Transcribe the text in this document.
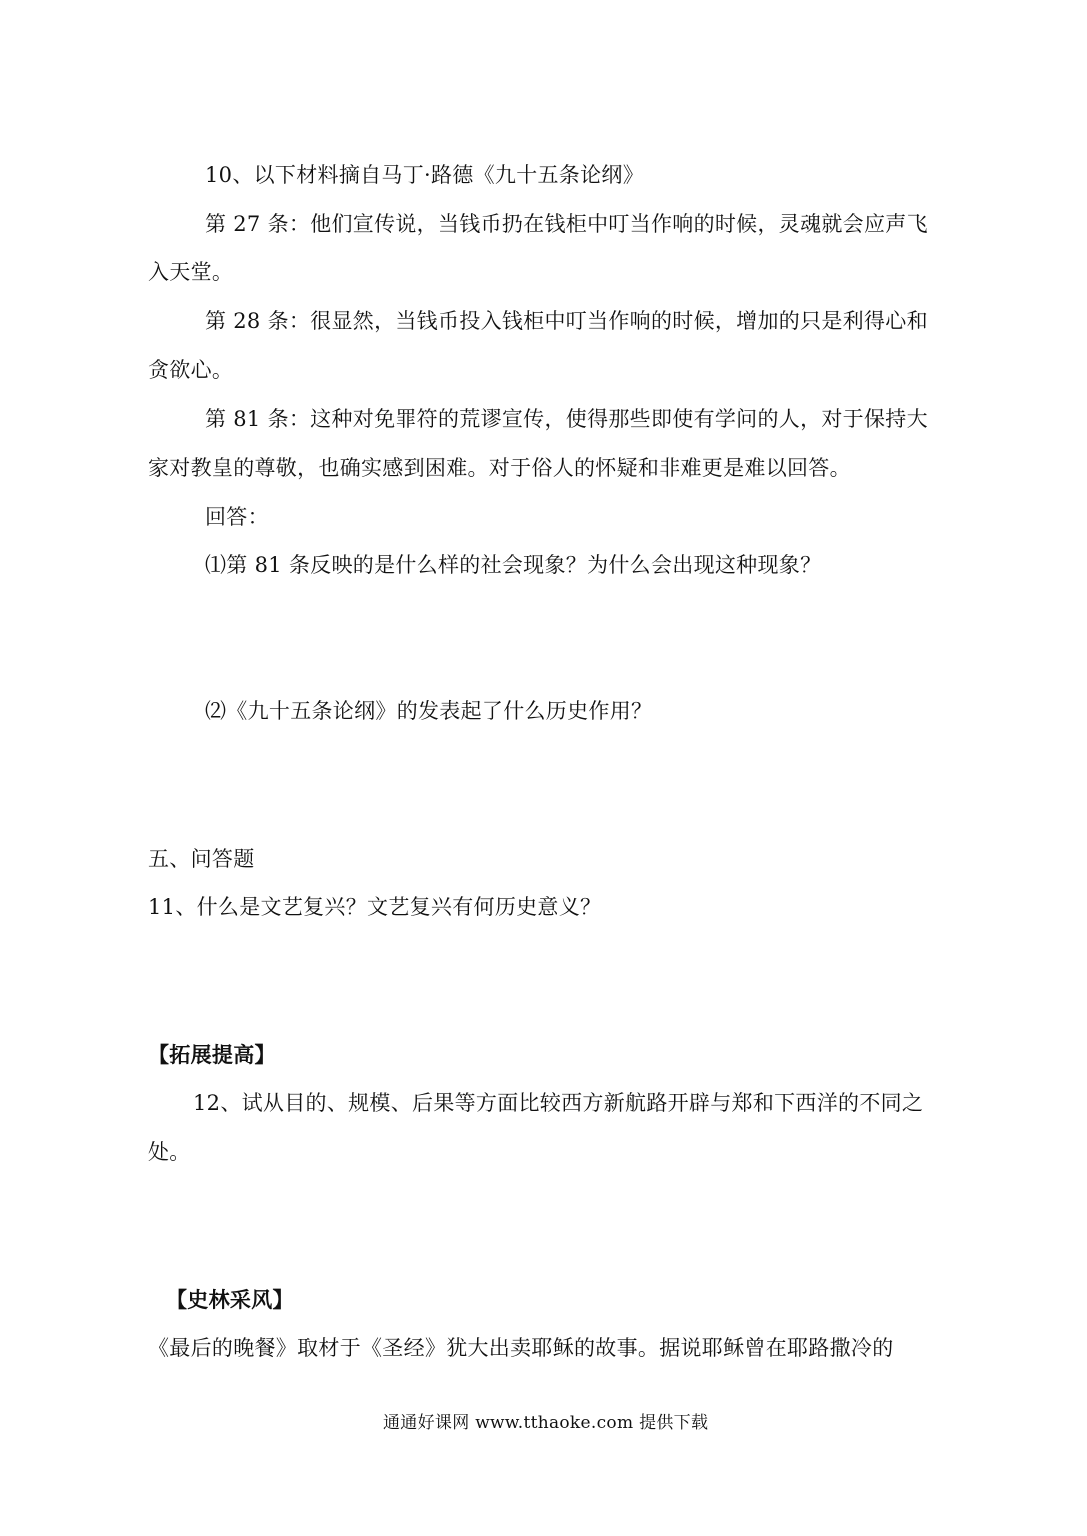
10、以下材料摘自马丁·路德《九十五条论纲》
第 27 条：他们宣传说，当钱币扔在钱柜中叮当作响的时候，灵魂就会应声飞
入天堂。
第 28 条：很显然，当钱币投入钱柜中叮当作响的时候，增加的只是利得心和
贪欲心。
第 81 条：这种对免罪符的荒谬宣传，使得那些即使有学问的人，对于保持大
家对教皇的尊敬，也确实感到困难。对于俗人的怀疑和非难更是难以回答。
回答：
⑴第 81 条反映的是什么样的社会现象？为什么会出现这种现象？
⑵《九十五条论纲》的发表起了什么历史作用？
五、问答题
11、什么是文艺复兴？文艺复兴有何历史意义？
【拓展提高】
12、试从目的、规模、后果等方面比较西方新航路开辟与郑和下西洋的不同之
处。
【史林采风】
《最后的晚餐》取材于《圣经》犹大出卖耶稣的故事。据说耶稣曾在耶路撒冷的
通通好课网 www.tthaoke.com 提供下载
